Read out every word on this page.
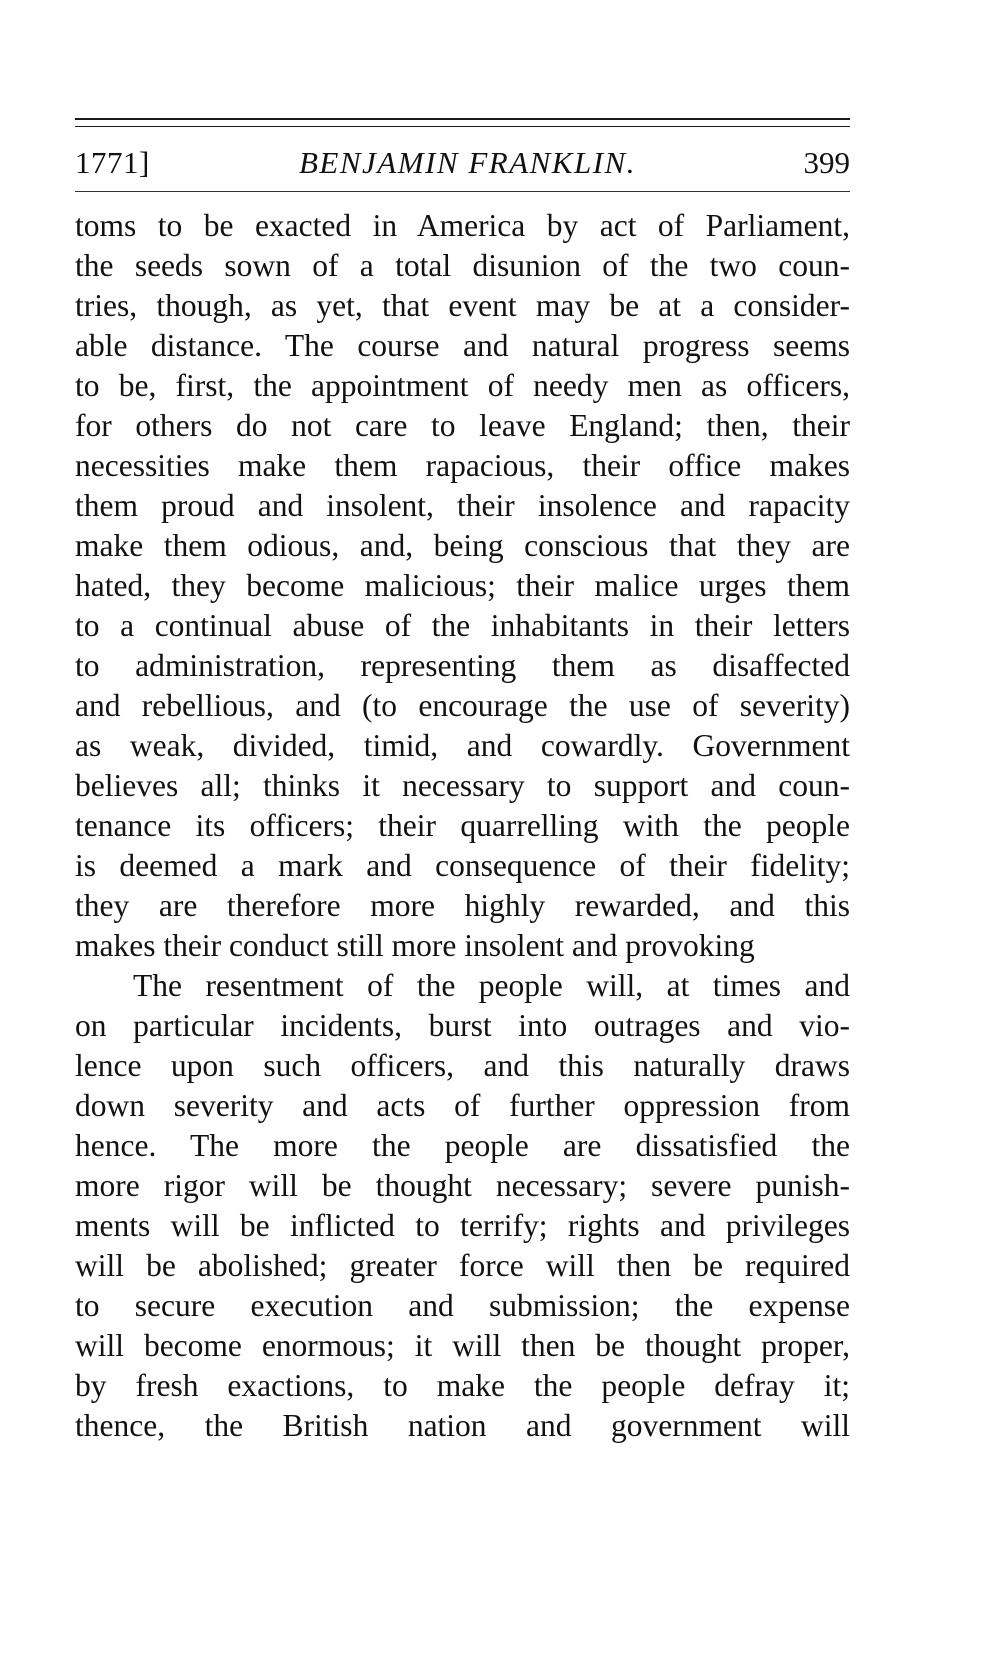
1771]	BENJAMIN FRANKLIN.	399
toms to be exacted in America by act of Parliament,
the seeds sown of a total disunion of the two coun-
tries, though, as yet, that event may be at a consider-
able distance. The course and natural progress seems
to be, first, the appointment of needy men as officers,
for others do not care to leave England; then, their
necessities make them rapacious, their office makes
them proud and insolent, their insolence and rapacity
make them odious, and, being conscious that they are
hated, they become malicious; their malice urges them
to a continual abuse of the inhabitants in their letters
to administration, representing them as disaffected
and rebellious, and (to encourage the use of severity)
as weak, divided, timid, and cowardly. Government
believes all; thinks it necessary to support and coun-
tenance its officers; their quarrelling with the people
is deemed a mark and consequence of their fidelity;
they are therefore more highly rewarded, and this
makes their conduct still more insolent and provoking
The resentment of the people will, at times and
on particular incidents, burst into outrages and vio-
lence upon such officers, and this naturally draws
down severity and acts of further oppression from
hence. The more the people are dissatisfied the
more rigor will be thought necessary; severe punish-
ments will be inflicted to terrify; rights and privileges
will be abolished; greater force will then be required
to secure execution and submission; the expense
will become enormous; it will then be thought proper,
by fresh exactions, to make the people defray it;
thence, the British nation and government will
